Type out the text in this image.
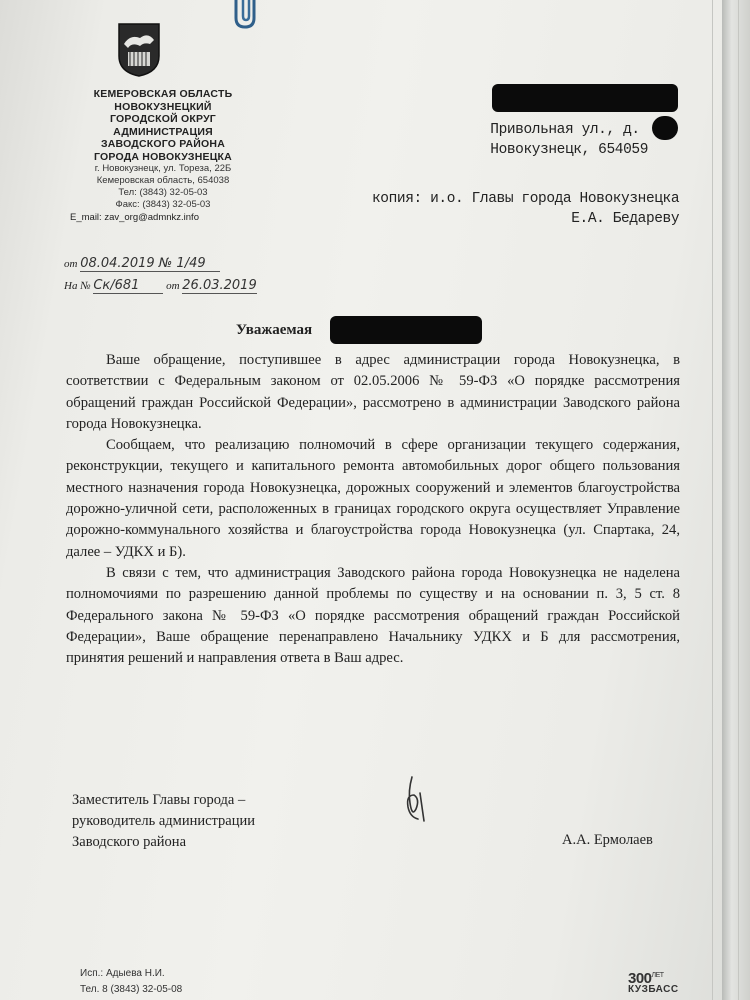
КЕМЕРОВСКАЯ ОБЛАСТЬ
НОВОКУЗНЕЦКИЙ
ГОРОДСКОЙ ОКРУГ
АДМИНИСТРАЦИЯ
ЗАВОДСКОГО РАЙОНА
ГОРОДА НОВОКУЗНЕЦКА
г. Новокузнецк, ул. Тореза, 22Б
Кемеровская область, 654038
Тел: (3843) 32-05-03
Факс: (3843) 32-05-03
E_mail: zav_org@admnkz.info
от 08.04.2019 № 1/49
На № Ск/681 от 26.03.2019
Привольная ул., д.
Новокузнецк, 654059
копия: и.о. Главы города Новокузнецка
Е.А. Бедареву
Уважаемая

Ваше обращение, поступившее в адрес администрации города Новокузнецка, в соответствии с Федеральным законом от 02.05.2006 № 59-ФЗ «О порядке рассмотрения обращений граждан Российской Федерации», рассмотрено в администрации Заводского района города Новокузнецка.

Сообщаем, что реализацию полномочий в сфере организации текущего содержания, реконструкции, текущего и капитального ремонта автомобильных дорог общего пользования местного назначения города Новокузнецка, дорожных сооружений и элементов благоустройства дорожно-уличной сети, расположенных в границах городского округа осуществляет Управление дорожно-коммунального хозяйства и благоустройства города Новокузнецка (ул. Спартака, 24, далее – УДКХ и Б).

В связи с тем, что администрация Заводского района города Новокузнецка не наделена полномочиями по разрешению данной проблемы по существу и на основании п. 3, 5 ст. 8 Федерального закона № 59-ФЗ «О порядке рассмотрения обращений граждан Российской Федерации», Ваше обращение перенаправлено Начальнику УДКХ и Б для рассмотрения, принятия решений и направления ответа в Ваш адрес.

Заместитель Главы города –
руководитель администрации
Заводского района	А.А. Ермолаев
Исп.: Адыева Н.И.
Тел. 8 (3843) 32-05-08
$300^{ЛЕТ}$
КУЗБАСС
